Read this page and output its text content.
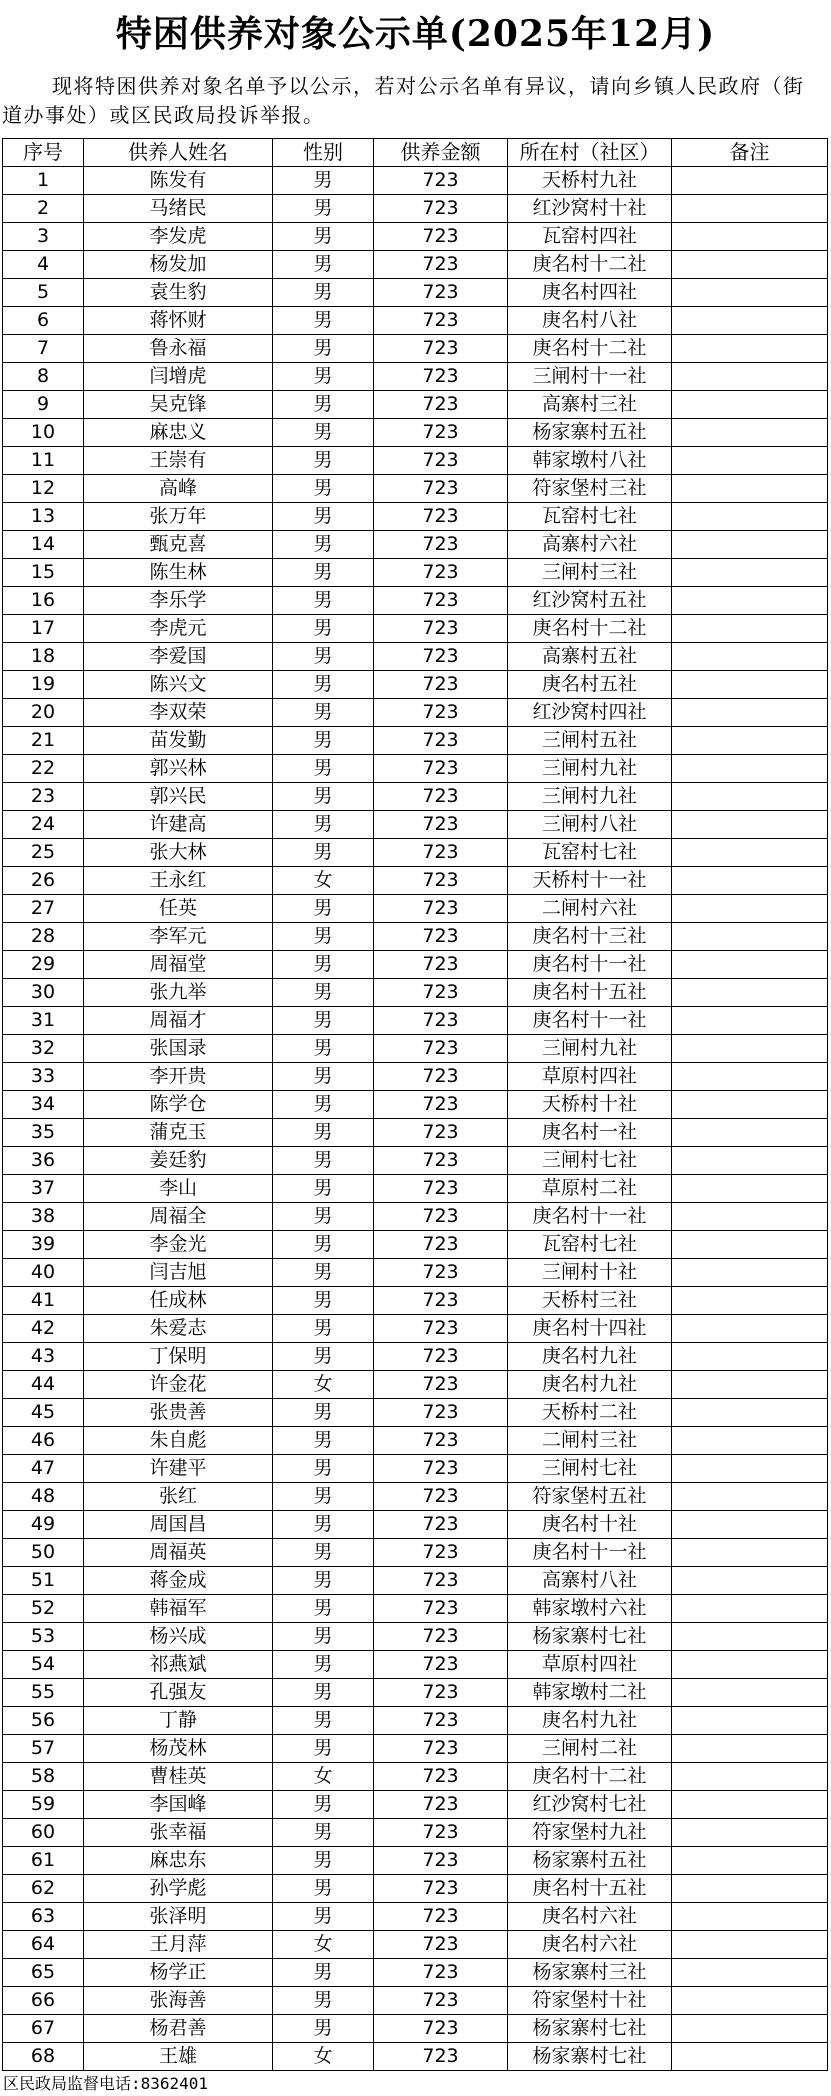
特困供养对象公示单(2025年12月)
现将特困供养对象名单予以公示，若对公示名单有异议，请向乡镇人民政府（街道办事处）或区民政局投诉举报。
序号	供养人姓名	性别	供养金额	所在村（社区）	备注
1	陈发有	男	723	天桥村九社	
2	马绪民	男	723	红沙窝村十社	
3	李发虎	男	723	瓦窑村四社	
4	杨发加	男	723	庚名村十二社	
5	袁生豹	男	723	庚名村四社	
6	蒋怀财	男	723	庚名村八社	
7	鲁永福	男	723	庚名村十二社	
8	闫增虎	男	723	三闸村十一社	
9	吴克锋	男	723	高寨村三社	
10	麻忠义	男	723	杨家寨村五社	
11	王崇有	男	723	韩家墩村八社	
12	高峰	男	723	符家堡村三社	
13	张万年	男	723	瓦窑村七社	
14	甄克喜	男	723	高寨村六社	
15	陈生林	男	723	三闸村三社	
16	李乐学	男	723	红沙窝村五社	
17	李虎元	男	723	庚名村十二社	
18	李爱国	男	723	高寨村五社	
19	陈兴文	男	723	庚名村五社	
20	李双荣	男	723	红沙窝村四社	
21	苗发勤	男	723	三闸村五社	
22	郭兴林	男	723	三闸村九社	
23	郭兴民	男	723	三闸村九社	
24	许建高	男	723	三闸村八社	
25	张大林	男	723	瓦窑村七社	
26	王永红	女	723	天桥村十一社	
27	任英	男	723	二闸村六社	
28	李军元	男	723	庚名村十三社	
29	周福堂	男	723	庚名村十一社	
30	张九举	男	723	庚名村十五社	
31	周福才	男	723	庚名村十一社	
32	张国录	男	723	三闸村九社	
33	李开贵	男	723	草原村四社	
34	陈学仓	男	723	天桥村十社	
35	蒲克玉	男	723	庚名村一社	
36	姜廷豹	男	723	三闸村七社	
37	李山	男	723	草原村二社	
38	周福全	男	723	庚名村十一社	
39	李金光	男	723	瓦窑村七社	
40	闫吉旭	男	723	三闸村十社	
41	任成林	男	723	天桥村三社	
42	朱爱志	男	723	庚名村十四社	
43	丁保明	男	723	庚名村九社	
44	许金花	女	723	庚名村九社	
45	张贵善	男	723	天桥村二社	
46	朱自彪	男	723	二闸村三社	
47	许建平	男	723	三闸村七社	
48	张红	男	723	符家堡村五社	
49	周国昌	男	723	庚名村十社	
50	周福英	男	723	庚名村十一社	
51	蒋金成	男	723	高寨村八社	
52	韩福军	男	723	韩家墩村六社	
53	杨兴成	男	723	杨家寨村七社	
54	祁燕斌	男	723	草原村四社	
55	孔强友	男	723	韩家墩村二社	
56	丁静	男	723	庚名村九社	
57	杨茂林	男	723	三闸村二社	
58	曹桂英	女	723	庚名村十二社	
59	李国峰	男	723	红沙窝村七社	
60	张幸福	男	723	符家堡村九社	
61	麻忠东	男	723	杨家寨村五社	
62	孙学彪	男	723	庚名村十五社	
63	张泽明	男	723	庚名村六社	
64	王月萍	女	723	庚名村六社	
65	杨学正	男	723	杨家寨村三社	
66	张海善	男	723	符家堡村十社	
67	杨君善	男	723	杨家寨村七社	
68	王雄	女	723	杨家寨村七社	
区民政局监督电话:8362401
